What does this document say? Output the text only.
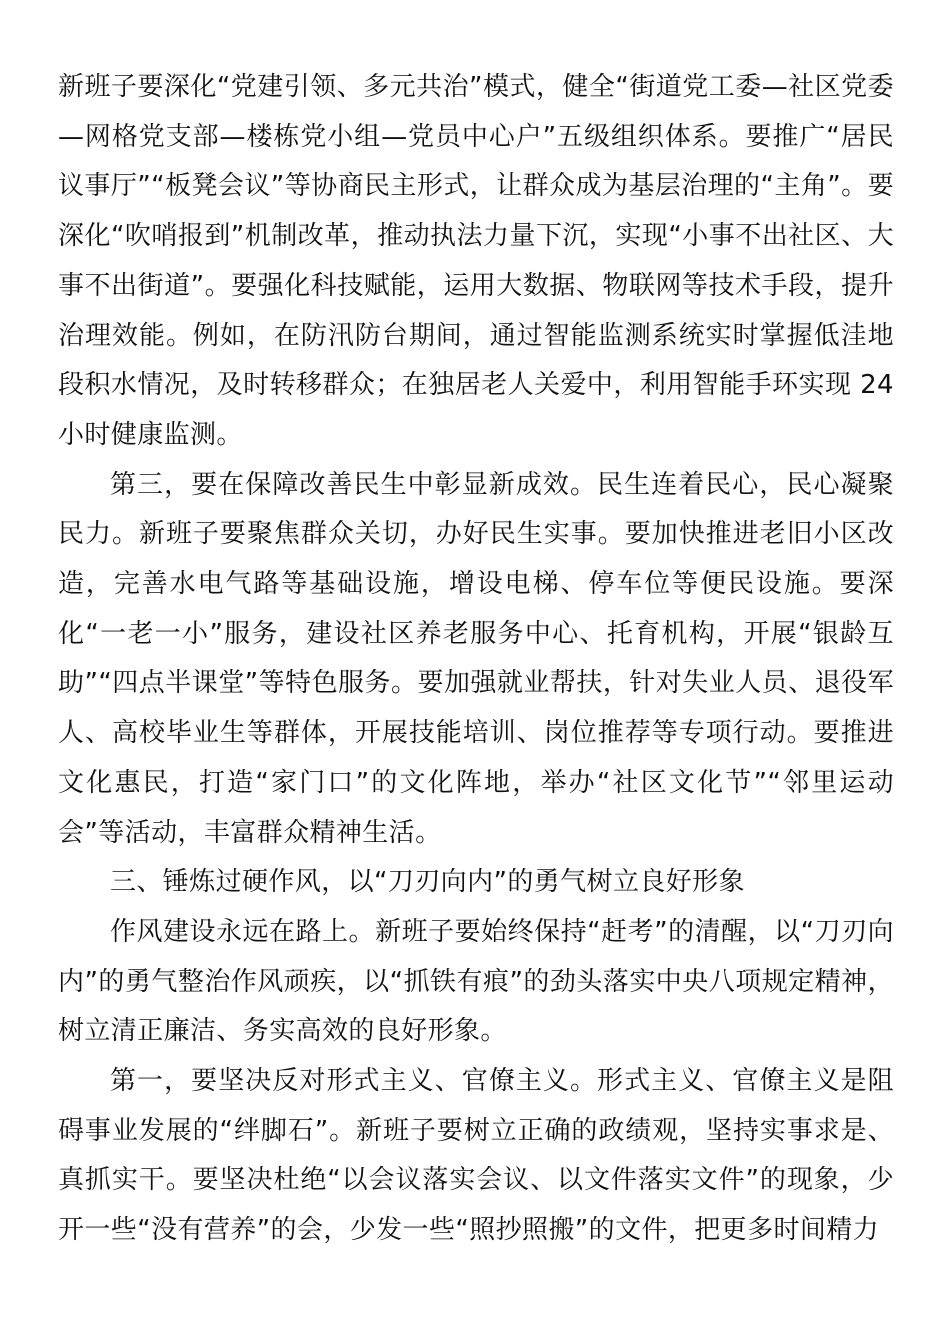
新班子要深化“党建引领、多元共治”模式，健全“街道党工委—社区党委—网格党支部—楼栋党小组—党员中心户”五级组织体系。要推广“居民议事厅”“板凳会议”等协商民主形式，让群众成为基层治理的“主角”。要深化“吹哨报到”机制改革，推动执法力量下沉，实现“小事不出社区、大事不出街道”。要强化科技赋能，运用大数据、物联网等技术手段，提升治理效能。例如，在防汛防台期间，通过智能监测系统实时掌握低洼地段积水情况，及时转移群众；在独居老人关爱中，利用智能手环实现 24 小时健康监测。

第三，要在保障改善民生中彰显新成效。民生连着民心，民心凝聚民力。新班子要聚焦群众关切，办好民生实事。要加快推进老旧小区改造，完善水电气路等基础设施，增设电梯、停车位等便民设施。要深化“一老一小”服务，建设社区养老服务中心、托育机构，开展“银龄互助”“四点半课堂”等特色服务。要加强就业帮扶，针对失业人员、退役军人、高校毕业生等群体，开展技能培训、岗位推荐等专项行动。要推进文化惠民，打造“家门口”的文化阵地，举办“社区文化节”“邻里运动会”等活动，丰富群众精神生活。

三、锤炼过硬作风，以“刀刃向内”的勇气树立良好形象

作风建设永远在路上。新班子要始终保持“赶考”的清醒，以“刀刃向内”的勇气整治作风顽疾，以“抓铁有痕”的劲头落实中央八项规定精神，树立清正廉洁、务实高效的良好形象。

第一，要坚决反对形式主义、官僚主义。形式主义、官僚主义是阻碍事业发展的“绊脚石”。新班子要树立正确的政绩观，坚持实事求是、真抓实干。要坚决杜绝“以会议落实会议、以文件落实文件”的现象，少开一些“没有营养”的会，少发一些“照抄照搬”的文件，把更多时间精力
